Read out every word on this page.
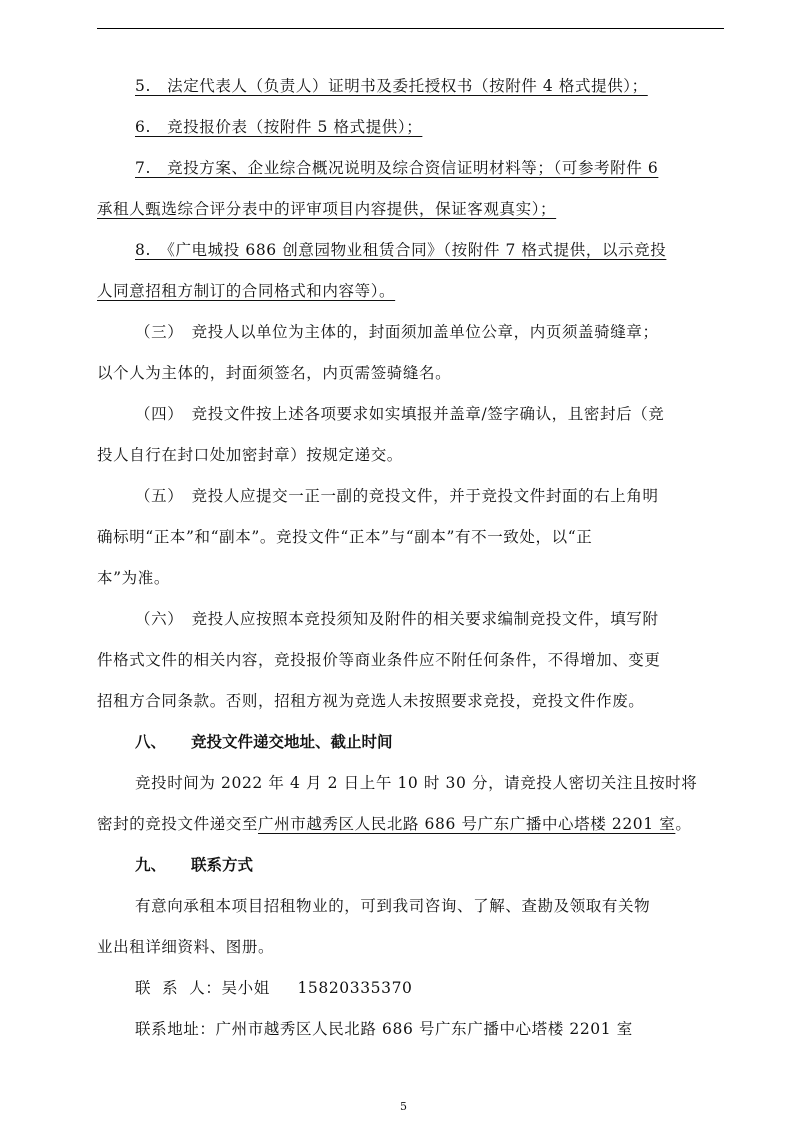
5.　法定代表人（负责人）证明书及委托授权书（按附件 4 格式提供）；
6.　竞投报价表（按附件 5 格式提供）；
7.　竞投方案、企业综合概况说明及综合资信证明材料等；（可参考附件 6
承租人甄选综合评分表中的评审项目内容提供，保证客观真实）；
8.　《广电城投 686 创意园物业租赁合同》（按附件 7 格式提供，以示竞投
人同意招租方制订的合同格式和内容等）。
（三）　竞投人以单位为主体的，封面须加盖单位公章，内页须盖骑缝章；
以个人为主体的，封面须签名，内页需签骑缝名。
（四）　竞投文件按上述各项要求如实填报并盖章/签字确认，且密封后（竞
投人自行在封口处加密封章）按规定递交。
（五）　竞投人应提交一正一副的竞投文件，并于竞投文件封面的右上角明
确标明“正本”和“副本”。竞投文件“正本”与“副本”有不一致处，以“正
本”为准。
（六）　竞投人应按照本竞投须知及附件的相关要求编制竞投文件，填写附
件格式文件的相关内容，竞投报价等商业条件应不附任何条件，不得增加、变更
招租方合同条款。否则，招租方视为竞选人未按照要求竞投，竞投文件作废。
八、 竞投文件递交地址、截止时间
竞投时间为 2022 年 4 月 2 日上午 10 时 30 分，请竞投人密切关注且按时将
密封的竞投文件递交至广州市越秀区人民北路 686 号广东广播中心塔楼 2201 室。
九、 联系方式
有意向承租本项目招租物业的，可到我司咨询、了解、查勘及领取有关物
业出租详细资料、图册。
联  系  人：吴小姐     15820335370
联系地址：广州市越秀区人民北路 686 号广东广播中心塔楼 2201 室
5
